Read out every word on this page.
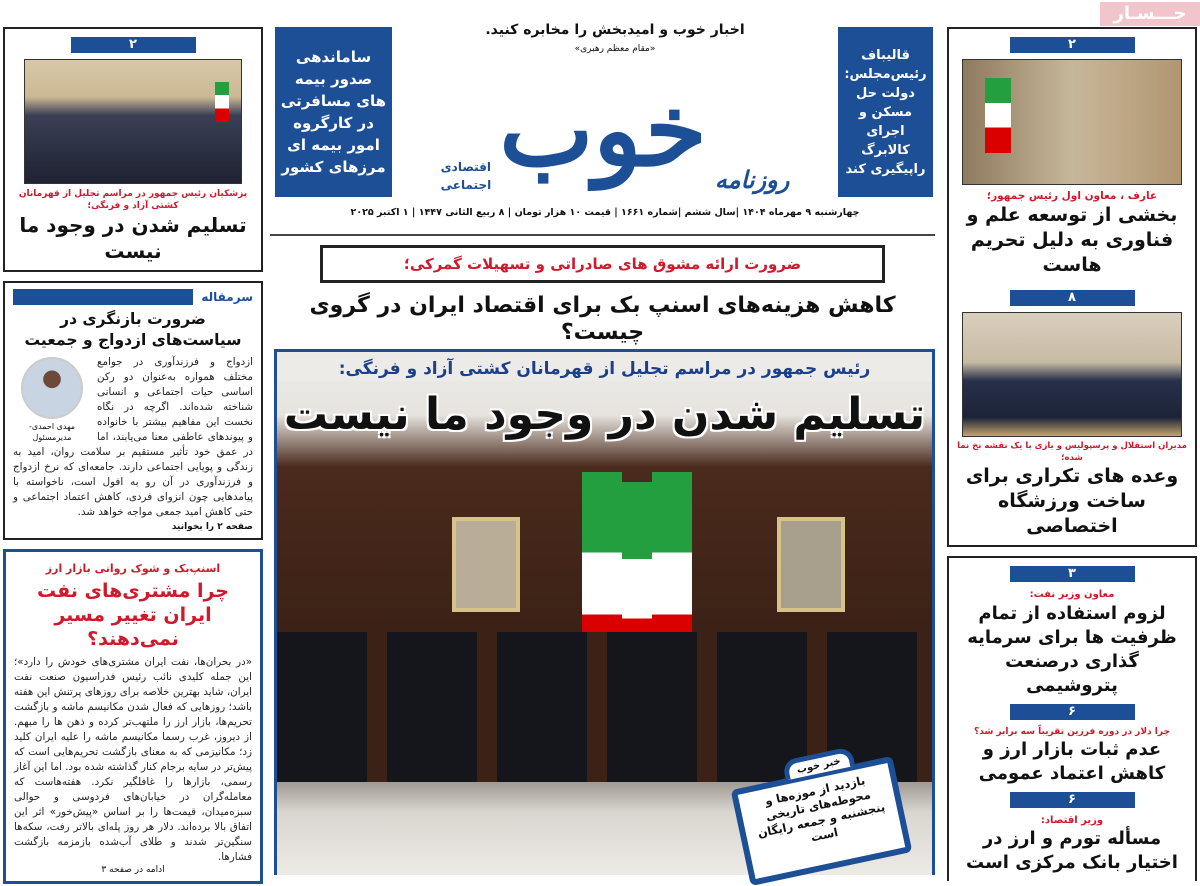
جـــسـار
۲
پزشکیان رئیس جمهور در مراسم تجلیل از قهرمانان کشتی آزاد و فرنگی؛
تسلیم شدن در وجود ما نیست
سرمقاله
ضرورت بازنگری در سیاست‌های ازدواج و جمعیت
مهدی احمدی- مدیرمسئول
ازدواج و فرزندآوری در جوامع مختلف همواره به‌عنوان دو رکن اساسی حیات اجتماعی و انسانی شناخته شده‌اند. اگرچه در نگاه نخست این مفاهیم بیشتر با خانواده و پیوندهای عاطفی معنا می‌یابند، اما در عمق خود تأثیر مستقیم بر سلامت روان، امید به زندگی و پویایی اجتماعی دارند. جامعه‌ای که نرخ ازدواج و فرزندآوری در آن رو به افول است، ناخواسته با پیامدهایی چون انزوای فردی، کاهش اعتماد اجتماعی و حتی کاهش امید جمعی مواجه خواهد شد.
صفحه ۲ را بخوانید
اسنپ‌بک و شوک روانی بازار ارز
چرا مشتری‌های نفت ایران تغییر مسیر نمی‌دهند؟
«در بحران‌ها، نفت ایران مشتری‌های خودش را دارد»؛ این جمله کلیدی نائب رئیس فدراسیون صنعت نفت ایران، شاید بهترین خلاصه برای روزهای پرتنش این هفته باشد؛ روزهایی که فعال شدن مکانیسم ماشه و بازگشت تحریم‌ها، بازار ارز را ملتهب‌تر کرده و ذهن ها را مبهم. از دیروز، غرب رسما مکانیسم ماشه را علیه ایران کلید زد؛ مکانیزمی که به معنای بازگشت تحریم‌هایی است که پیش‌تر در سایه برجام کنار گذاشته شده بود. اما این آغاز رسمی، بازارها را غافلگیر نکرد. هفته‌هاست که معامله‌گران در خیابان‌های فردوسی و حوالی سبزه‌میدان، قیمت‌ها را بر اساس «پیش‌خور» اثر این اتفاق بالا برده‌اند. دلار هر روز پله‌ای بالاتر رفت، سکه‌ها سنگین‌تر شدند و طلای آب‌شده بازمزمه بازگشت فشارها.
ادامه در صفحه ۳
ساماندهی صدور بیمه های مسافرتی در کارگروه امور بیمه ای مرزهای کشور
قالیباف رئیس‌مجلس: دولت حل مسکن و اجرای کالابرگ راپیگیری کند
اخبار خوب و امیدبخش را مخابره کنید.
«مقام معظم رهبری»
اقتصادی
اجتماعی خوب روزنامه
چهارشنبه ۹ مهرماه ۱۴۰۴ |سال ششم |شماره ۱۶۶۱ | قیمت ۱۰ هزار تومان | ۸ ربیع الثانی ۱۴۴۷ | ۱ اکتبر ۲۰۲۵
ضرورت ارائه مشوق های صادراتی و تسهیلات گمرکی؛
کاهش هزینه‌های اسنپ بک برای اقتصاد ایران در گروی چیست؟
رئیس جمهور در مراسم تجلیل از قهرمانان کشتی آزاد و فرنگی:
تسلیم شدن در وجود ما نیست
خبر خوب
بازدید از موزه‌ها و محوطه‌های تاریخی پنجشنبه و جمعه رایگان است
۲
عارف ، معاون اول رئیس جمهور؛
بخشی از توسعه علم و فناوری به دلیل تحریم هاست
۸
مدیران استقلال و پرسپولیس و بازی با یک نقشه نخ نما شده؛
وعده های تکراری برای ساخت ورزشگاه اختصاصی
۳
معاون وزیر نفت:
لزوم استفاده از تمام ظرفیت ها برای سرمایه گذاری درصنعت پتروشیمی
۶
چرا دلار در دوره فرزین تقریباً سه برابر شد؟
عدم ثبات بازار ارز و کاهش اعتماد عمومی
۶
وزیر اقتصاد:
مسأله تورم و ارز در اختیار بانک مرکزی است
